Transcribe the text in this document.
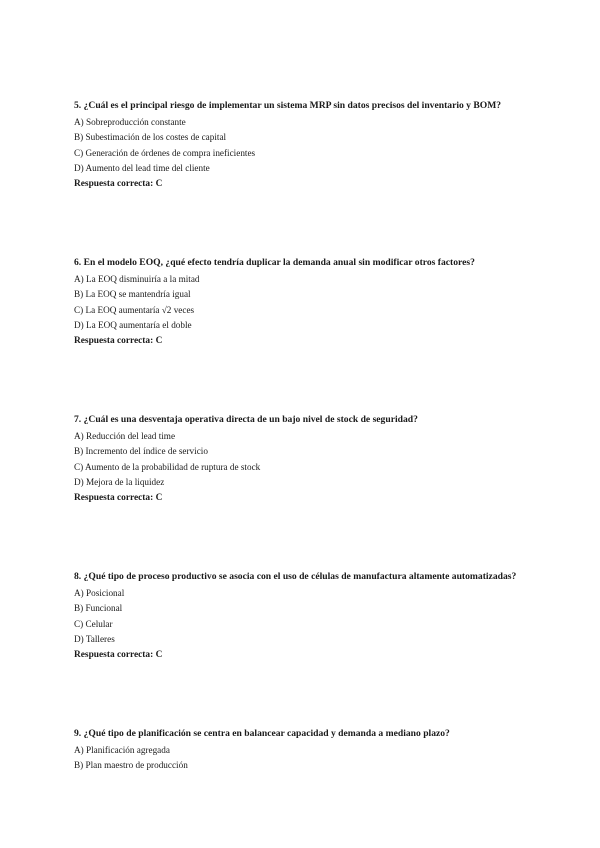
5. ¿Cuál es el principal riesgo de implementar un sistema MRP sin datos precisos del inventario y BOM?

A) Sobreproducción constante

B) Subestimación de los costes de capital

C) Generación de órdenes de compra ineficientes

D) Aumento del lead time del cliente

Respuesta correcta: C

6. En el modelo EOQ, ¿qué efecto tendría duplicar la demanda anual sin modificar otros factores?

A) La EOQ disminuiría a la mitad

B) La EOQ se mantendría igual

C) La EOQ aumentaría √2 veces

D) La EOQ aumentaría el doble

Respuesta correcta: C

7. ¿Cuál es una desventaja operativa directa de un bajo nivel de stock de seguridad?

A) Reducción del lead time

B) Incremento del índice de servicio

C) Aumento de la probabilidad de ruptura de stock

D) Mejora de la liquidez

Respuesta correcta: C

8. ¿Qué tipo de proceso productivo se asocia con el uso de células de manufactura altamente automatizadas?

A) Posicional

B) Funcional

C) Celular

D) Talleres

Respuesta correcta: C

9. ¿Qué tipo de planificación se centra en balancear capacidad y demanda a mediano plazo?

A) Planificación agregada

B) Plan maestro de producción
